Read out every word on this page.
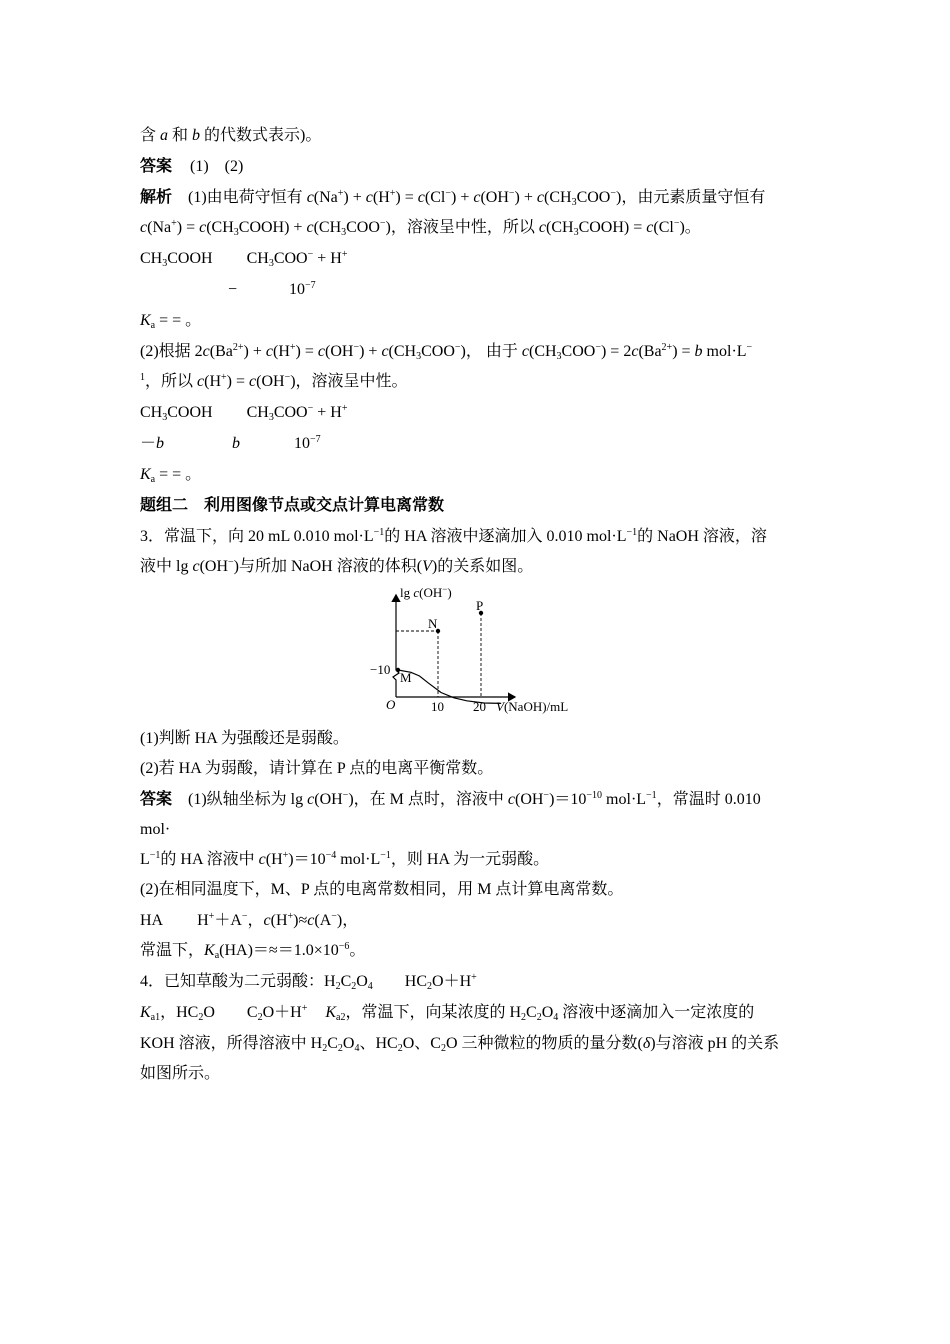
含 a 和 b 的代数式表示)。
答案 (1) (2)
解析 (1)由电荷守恒有 $c(Na^+) + c(H^+) = c(Cl^-) + c(OH^-) + c(CH_3COO^-)$，由元素质量守恒有
$c(Na^+) = c(CH_3COOH) + c(CH_3COO^-)$，溶液呈中性，所以 $c(CH_3COOH) = c(Cl^-)$。
$CH_3COOH$ $CH_3COO^- + H^+$
−	$10^{-7}$
$K_a$ = = 。
(2)根据 $2c(Ba^{2+}) + c(H^+) = c(OH^-) + c(CH_3COO^-)$， 由于 $c(CH_3COO^-) = 2c(Ba^{2+}) = b$ mol·L−
$^1$，所以 c(H+) = c(OH−)，溶液呈中性。
$CH_3COOH$ $CH_3COO^- + H^+$
－b	b	$10^{-7}$
$K_a$ = = 。
题组二　利用图像节点或交点计算电离常数
3．常温下，向 20 mL 0.010 $mol\cdot L^{-1}$的 HA 溶液中逐滴加入 0.010 $mol\cdot L^{-1}$的 NaOH 溶液，溶
液中 lg c(OH−)与所加 NaOH 溶液的体积(V)的关系如图。
M
N
P
−10
10 20
O	V(NaOH)/mL
lg c(OH−)
(1)判断 HA 为强酸还是弱酸。
(2)若 HA 为弱酸，请计算在 P 点的电离平衡常数。
答案 (1)纵轴坐标为 lg c(OH−)，在 M 点时，溶液中 $c(OH^-)=10^{-10}$ $mol\cdot L^{-1}$，常温时 0.010
mol·
$L^{-1}$的 HA 溶液中 $c(H^+)=10^{-4}$ $mol\cdot L^{-1}$，则 HA 为一元弱酸。
(2)在相同温度下，M、P 点的电离常数相同，用 M 点计算电离常数。
HA H+＋A−，c(H+)≈c(A−)，
常温下，$K_a(HA)=\approx=1.0\times 10^{-6}$。
4．已知草酸为二元弱酸：$H_2C_2O_4$ $HC_2O+H^+$
$K_{a1}$，$HC_2O$ $C_2O+H^+$ $K_{a2}$，常温下，向某浓度的 $H_2C_2O_4$ 溶液中逐滴加入一定浓度的
KOH 溶液，所得溶液中 $H_2C_2O_4$、$HC_2O$、$C_2O$ 三种微粒的物质的量分数(δ)与溶液 pH 的关系
如图所示。
